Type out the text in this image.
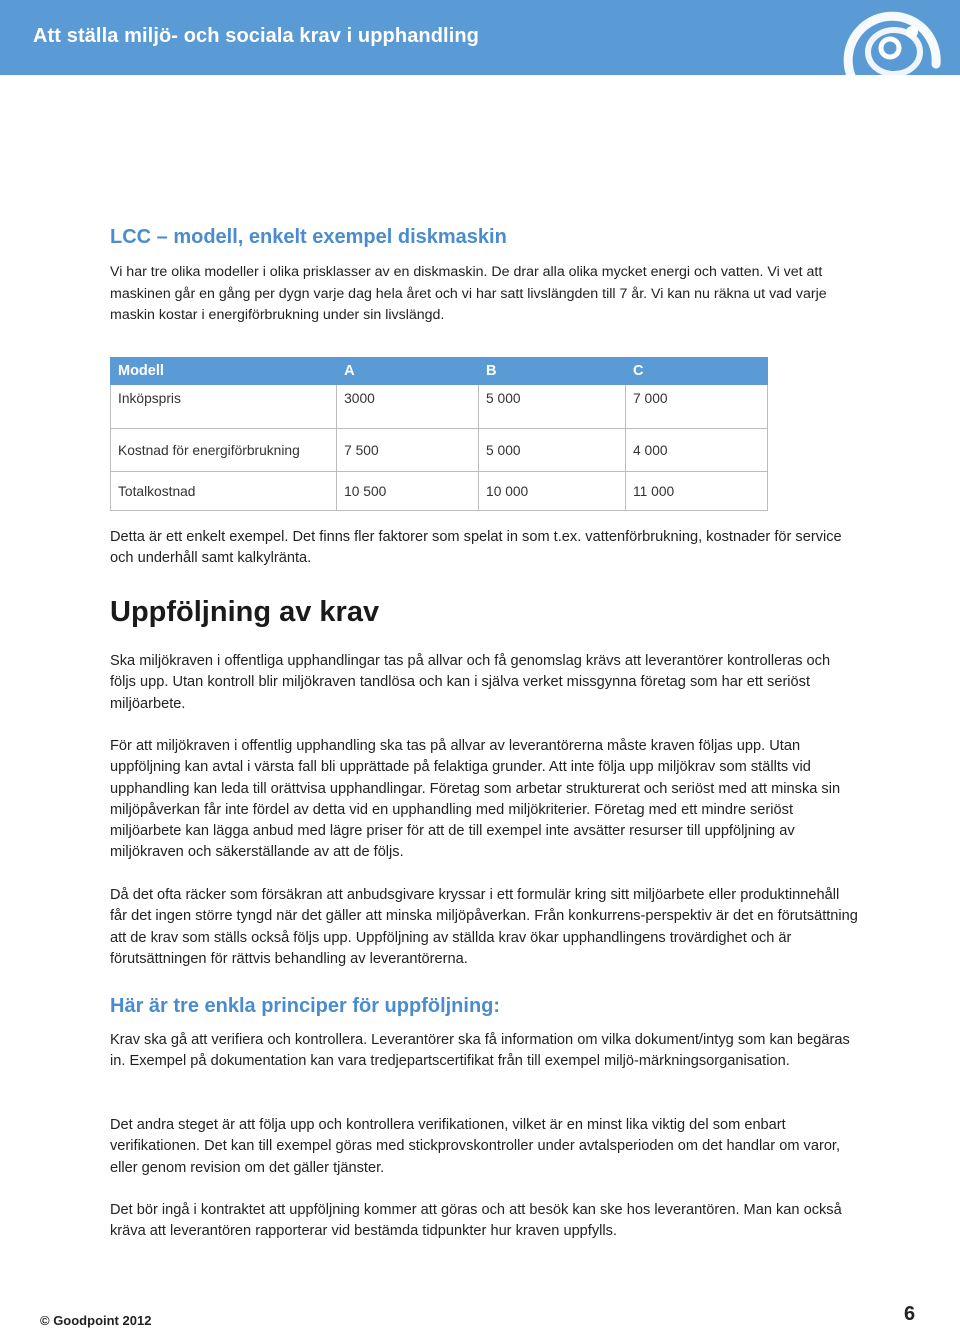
Att ställa miljö- och sociala krav i upphandling
LCC – modell, enkelt exempel diskmaskin

Vi har tre olika modeller i olika prisklasser av en diskmaskin. De drar alla olika mycket energi och vatten. Vi vet att maskinen går en gång per dygn varje dag hela året och vi har satt livslängden till 7 år. Vi kan nu räkna ut vad varje maskin kostar i energiförbrukning under sin livslängd.

Modell	A	B	C
Inköpspris	3000	5 000	7 000
Kostnad för energiförbrukning	7 500	5 000	4 000
Totalkostnad	10 500	10 000	11 000

Detta är ett enkelt exempel. Det finns fler faktorer som spelat in som t.ex. vattenförbrukning, kostnader för service och underhåll samt kalkylränta.

Uppföljning av krav

Ska miljökraven i offentliga upphandlingar tas på allvar och få genomslag krävs att leverantörer kontrolleras och följs upp. Utan kontroll blir miljökraven tandlösa och kan i själva verket missgynna företag som har ett seriöst miljöarbete.

För att miljökraven i offentlig upphandling ska tas på allvar av leverantörerna måste kraven följas upp. Utan uppföljning kan avtal i värsta fall bli upprättade på felaktiga grunder. Att inte följa upp miljökrav som ställts vid upphandling kan leda till orättvisa upphandlingar. Företag som arbetar strukturerat och seriöst med att minska sin miljöpåverkan får inte fördel av detta vid en upphandling med miljökriterier. Företag med ett mindre seriöst miljöarbete kan lägga anbud med lägre priser för att de till exempel inte avsätter resurser till uppföljning av miljökraven och säkerställande av att de följs.

Då det ofta räcker som försäkran att anbudsgivare kryssar i ett formulär kring sitt miljöarbete eller produktinnehåll får det ingen större tyngd när det gäller att minska miljöpåverkan. Från konkurrens-perspektiv är det en förutsättning att de krav som ställs också följs upp. Uppföljning av ställda krav ökar upphandlingens trovärdighet och är förutsättningen för rättvis behandling av leverantörerna.

Här är tre enkla principer för uppföljning:

Krav ska gå att verifiera och kontrollera. Leverantörer ska få information om vilka dokument/intyg som kan begäras in. Exempel på dokumentation kan vara tredjepartscertifikat från till exempel miljö-märkningsorganisation.

Det andra steget är att följa upp och kontrollera verifikationen, vilket är en minst lika viktig del som enbart verifikationen. Det kan till exempel göras med stickprovskontroller under avtalsperioden om det handlar om varor, eller genom revision om det gäller tjänster.

Det bör ingå i kontraktet att uppföljning kommer att göras och att besök kan ske hos leverantören. Man kan också kräva att leverantören rapporterar vid bestämda tidpunkter hur kraven uppfylls.

© Goodpoint 2012	6
